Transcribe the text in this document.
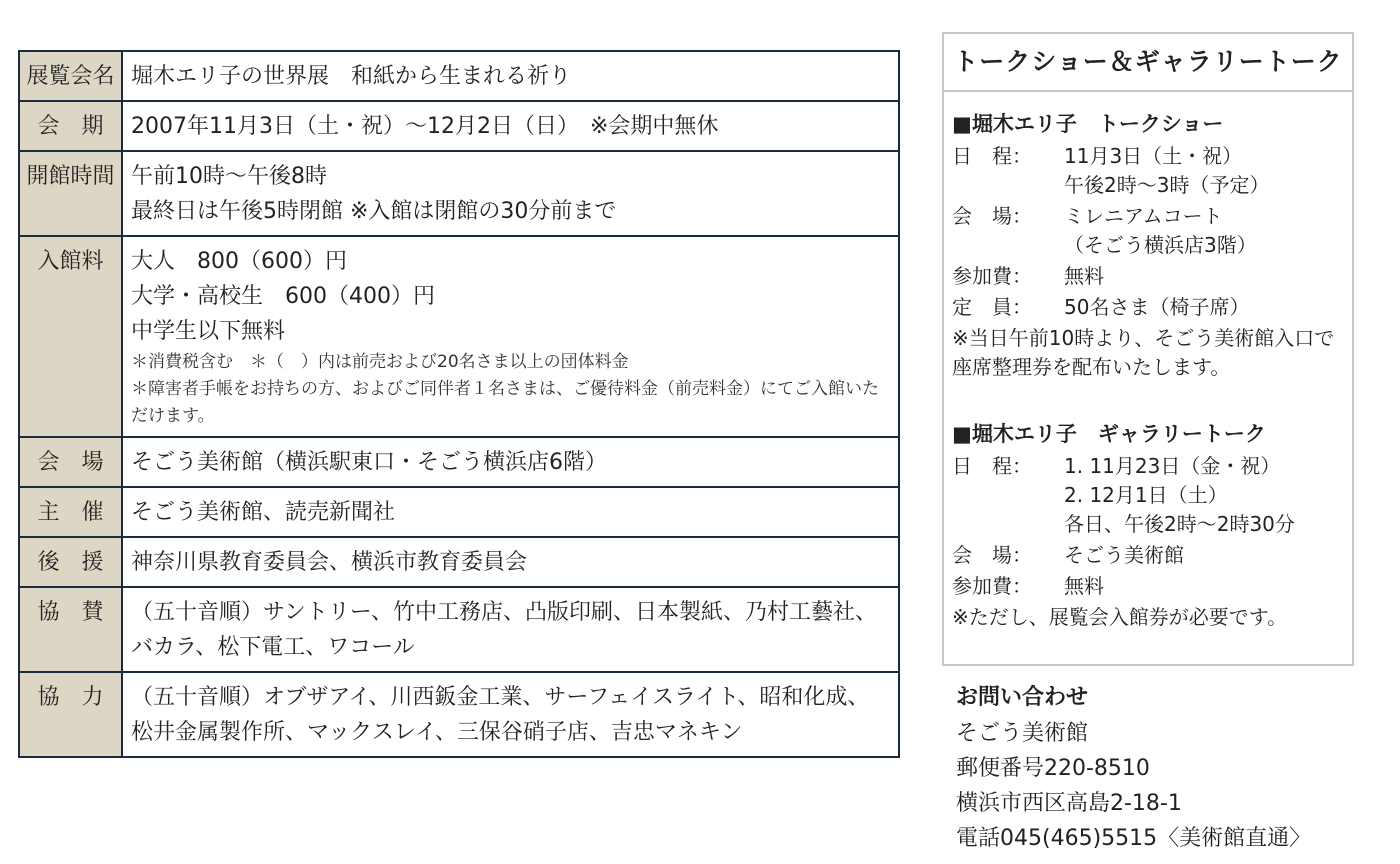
展覧会名	堀木エリ子の世界展　和紙から生まれる祈り

会　期	2007年11月3日（土・祝）～12月2日（日）　※会期中無休

開館時間	午前10時～午後8時
最終日は午後5時閉館 ※入館は閉館の30分前まで

入館料	大人　800（600）円
大学・高校生　600（400）円
中学生以下無料
＊消費税含む　＊（　）内は前売および20名さま以上の団体料金
＊障害者手帳をお持ちの方、およびご同伴者１名さまは、ご優待料金（前売料金）にてご入館いただけます。

会　場	そごう美術館（横浜駅東口・そごう横浜店6階）

主　催	そごう美術館、読売新聞社

後　援	神奈川県教育委員会、横浜市教育委員会

協　賛	（五十音順）サントリー、竹中工務店、凸版印刷、日本製紙、乃村工藝社、バカラ、松下電工、ワコール

協　力	（五十音順）オブザアイ、川西鈑金工業、サーフェイスライト、昭和化成、松井金属製作所、マックスレイ、三保谷硝子店、吉忠マネキン
トークショー＆ギャラリートーク
■堀木エリ子　トークショー
日　程：	11月3日（土・祝）
午後2時～3時（予定）
会　場：	ミレニアムコート
（そごう横浜店3階）
参加費：	無料
定　員：	50名さま（椅子席）
※当日午前10時より、そごう美術館入口で座席整理券を配布いたします。
■堀木エリ子　ギャラリートーク
日　程：	1. 11月23日（金・祝）
2. 12月1日（土）
各日、午後2時～2時30分
会　場：	そごう美術館
参加費：	無料
※ただし、展覧会入館券が必要です。
お問い合わせ
そごう美術館
郵便番号220-8510
横浜市西区高島2-18-1
電話045(465)5515〈美術館直通〉
